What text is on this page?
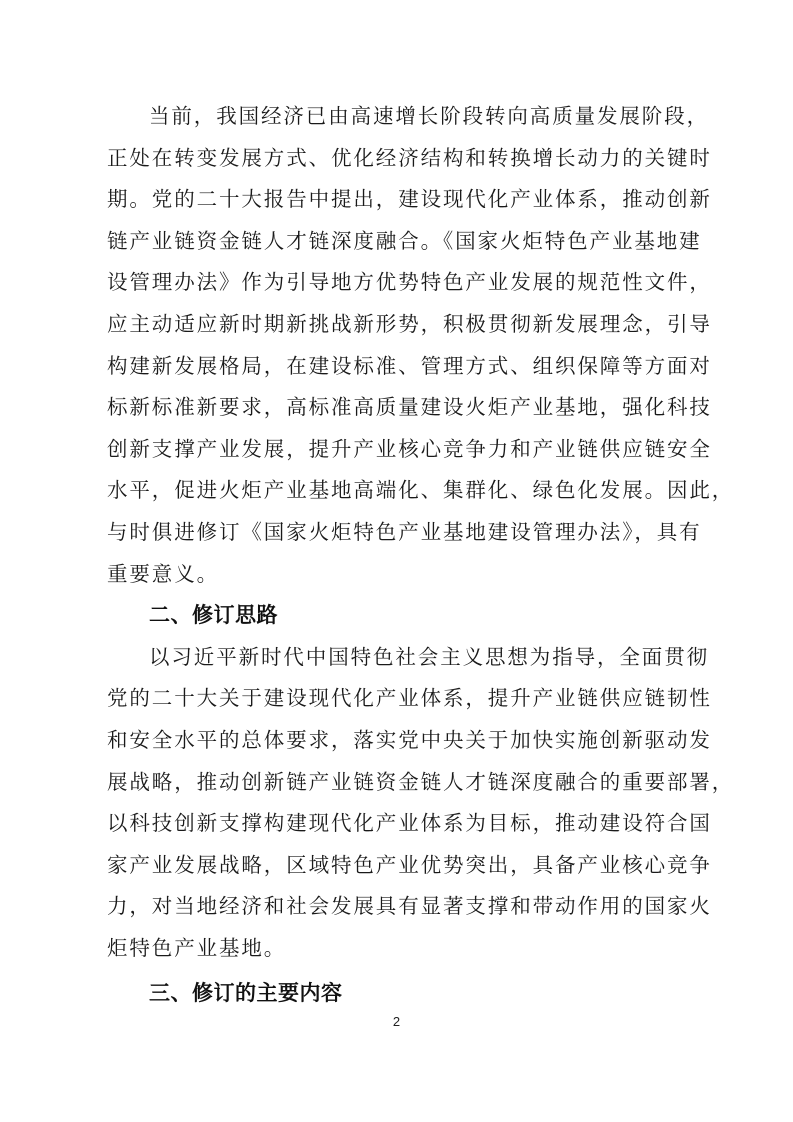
当前，我国经济已由高速增长阶段转向高质量发展阶段，
正处在转变发展方式、优化经济结构和转换增长动力的关键时
期。党的二十大报告中提出，建设现代化产业体系，推动创新
链产业链资金链人才链深度融合。《国家火炬特色产业基地建
设管理办法》作为引导地方优势特色产业发展的规范性文件，
应主动适应新时期新挑战新形势，积极贯彻新发展理念，引导
构建新发展格局，在建设标准、管理方式、组织保障等方面对
标新标准新要求，高标准高质量建设火炬产业基地，强化科技
创新支撑产业发展，提升产业核心竞争力和产业链供应链安全
水平，促进火炬产业基地高端化、集群化、绿色化发展。因此，
与时俱进修订《国家火炬特色产业基地建设管理办法》，具有
重要意义。
二、修订思路
以习近平新时代中国特色社会主义思想为指导，全面贯彻
党的二十大关于建设现代化产业体系，提升产业链供应链韧性
和安全水平的总体要求，落实党中央关于加快实施创新驱动发
展战略，推动创新链产业链资金链人才链深度融合的重要部署，
以科技创新支撑构建现代化产业体系为目标，推动建设符合国
家产业发展战略，区域特色产业优势突出，具备产业核心竞争
力，对当地经济和社会发展具有显著支撑和带动作用的国家火
炬特色产业基地。
三、修订的主要内容
2
